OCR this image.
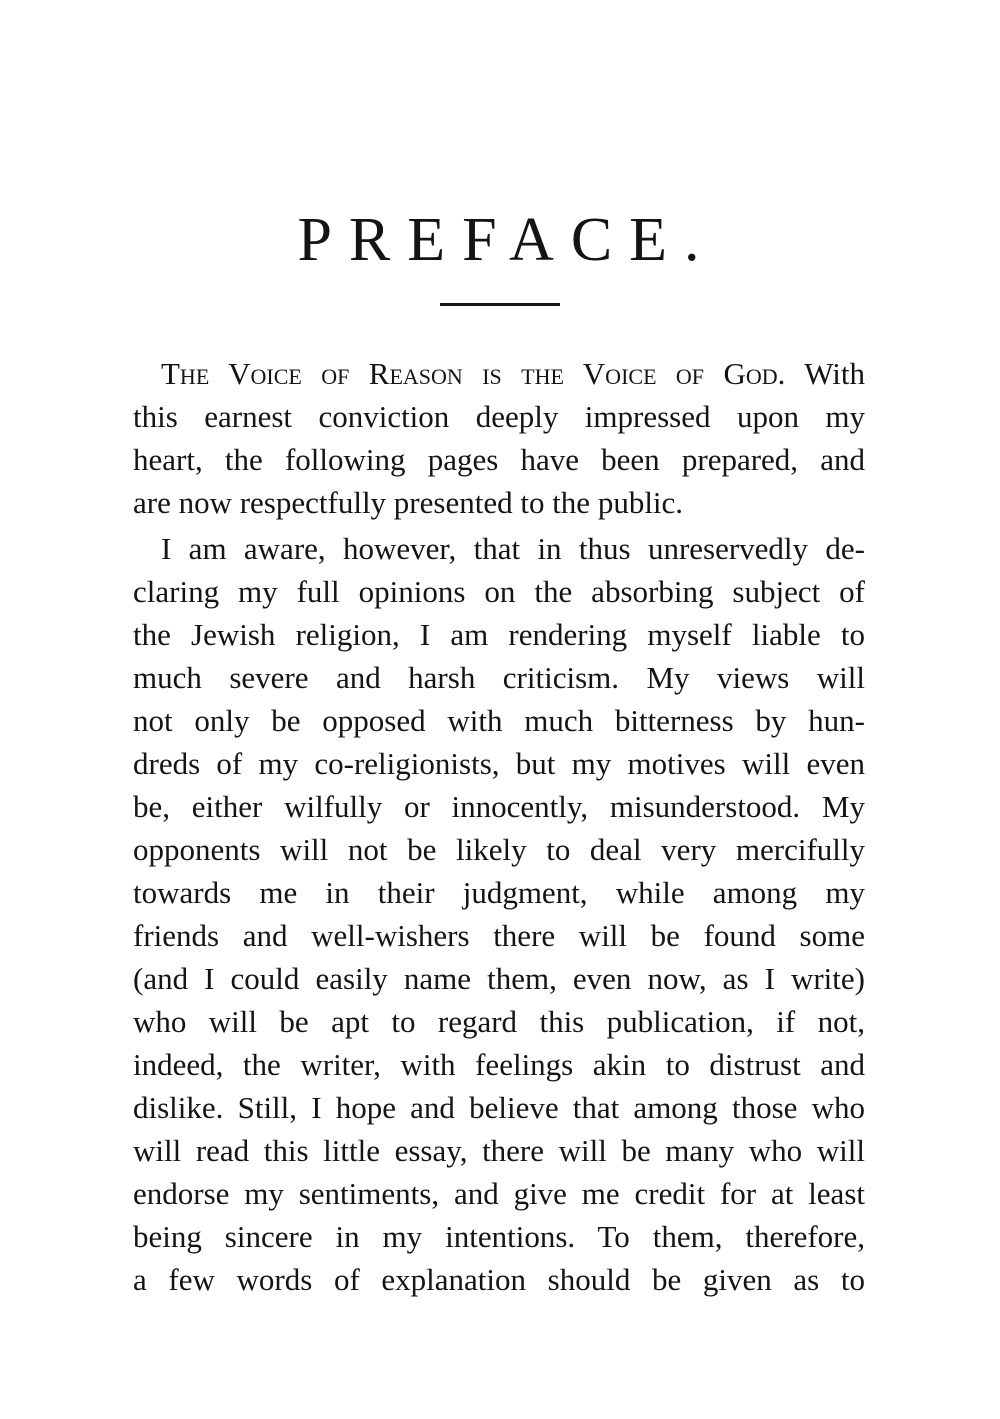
PREFACE.
The Voice of Reason is the Voice of God. With
this earnest conviction deeply impressed upon my
heart, the following pages have been prepared, and
are now respectfully presented to the public.
I am aware, however, that in thus unreservedly de-
claring my full opinions on the absorbing subject of
the Jewish religion, I am rendering myself liable to
much severe and harsh criticism. My views will
not only be opposed with much bitterness by hun-
dreds of my co-religionists, but my motives will even
be, either wilfully or innocently, misunderstood. My
opponents will not be likely to deal very mercifully
towards me in their judgment, while among my
friends and well-wishers there will be found some
(and I could easily name them, even now, as I write)
who will be apt to regard this publication, if not,
indeed, the writer, with feelings akin to distrust and
dislike. Still, I hope and believe that among those who
will read this little essay, there will be many who will
endorse my sentiments, and give me credit for at least
being sincere in my intentions. To them, therefore,
a few words of explanation should be given as to
